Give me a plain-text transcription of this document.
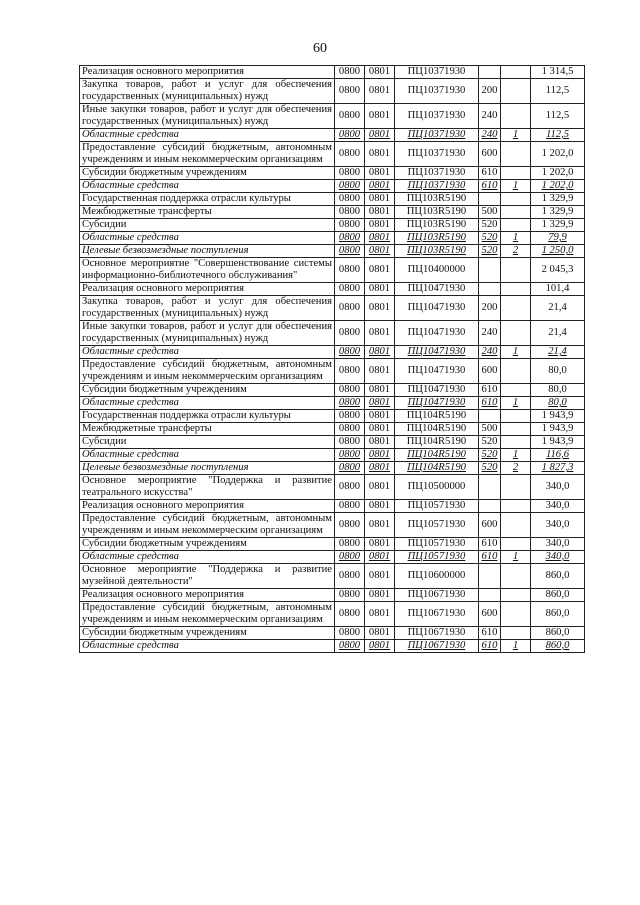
60
Реализация основного мероприятия	0800	0801	ПЦ10371930			1 314,5
Закупка товаров, работ и услуг для обеспечения государственных (муниципальных) нужд	0800	0801	ПЦ10371930	200		112,5
Иные закупки товаров, работ и услуг для обеспечения государственных (муниципальных) нужд	0800	0801	ПЦ10371930	240		112,5
Областные средства	0800	0801	ПЦ10371930	240	1	112,5
Предоставление субсидий бюджетным, автономным учреждениям и иным некоммерческим организациям	0800	0801	ПЦ10371930	600		1 202,0
Субсидии бюджетным учреждениям	0800	0801	ПЦ10371930	610		1 202,0
Областные средства	0800	0801	ПЦ10371930	610	1	1 202,0
Государственная поддержка отрасли культуры	0800	0801	ПЦ103R5190			1 329,9
Межбюджетные трансферты	0800	0801	ПЦ103R5190	500		1 329,9
Субсидии	0800	0801	ПЦ103R5190	520		1 329,9
Областные средства	0800	0801	ПЦ103R5190	520	1	79,9
Целевые безвозмездные поступления	0800	0801	ПЦ103R5190	520	2	1 250,0
Основное мероприятие "Совершенствование системы информационно-библиотечного обслуживания"	0800	0801	ПЦ10400000			2 045,3
Реализация основного мероприятия	0800	0801	ПЦ10471930			101,4
Закупка товаров, работ и услуг для обеспечения государственных (муниципальных) нужд	0800	0801	ПЦ10471930	200		21,4
Иные закупки товаров, работ и услуг для обеспечения государственных (муниципальных) нужд	0800	0801	ПЦ10471930	240		21,4
Областные средства	0800	0801	ПЦ10471930	240	1	21,4
Предоставление субсидий бюджетным, автономным учреждениям и иным некоммерческим организациям	0800	0801	ПЦ10471930	600		80,0
Субсидии бюджетным учреждениям	0800	0801	ПЦ10471930	610		80,0
Областные средства	0800	0801	ПЦ10471930	610	1	80,0
Государственная поддержка отрасли культуры	0800	0801	ПЦ104R5190			1 943,9
Межбюджетные трансферты	0800	0801	ПЦ104R5190	500		1 943,9
Субсидии	0800	0801	ПЦ104R5190	520		1 943,9
Областные средства	0800	0801	ПЦ104R5190	520	1	116,6
Целевые безвозмездные поступления	0800	0801	ПЦ104R5190	520	2	1 827,3
Основное мероприятие "Поддержка и развитие театрального искусства"	0800	0801	ПЦ10500000			340,0
Реализация основного мероприятия	0800	0801	ПЦ10571930			340,0
Предоставление субсидий бюджетным, автономным учреждениям и иным некоммерческим организациям	0800	0801	ПЦ10571930	600		340,0
Субсидии бюджетным учреждениям	0800	0801	ПЦ10571930	610		340,0
Областные средства	0800	0801	ПЦ10571930	610	1	340,0
Основное мероприятие "Поддержка и развитие музейной деятельности"	0800	0801	ПЦ10600000			860,0
Реализация основного мероприятия	0800	0801	ПЦ10671930			860,0
Предоставление субсидий бюджетным, автономным учреждениям и иным некоммерческим организациям	0800	0801	ПЦ10671930	600		860,0
Субсидии бюджетным учреждениям	0800	0801	ПЦ10671930	610		860,0
Областные средства	0800	0801	ПЦ10671930	610	1	860,0
